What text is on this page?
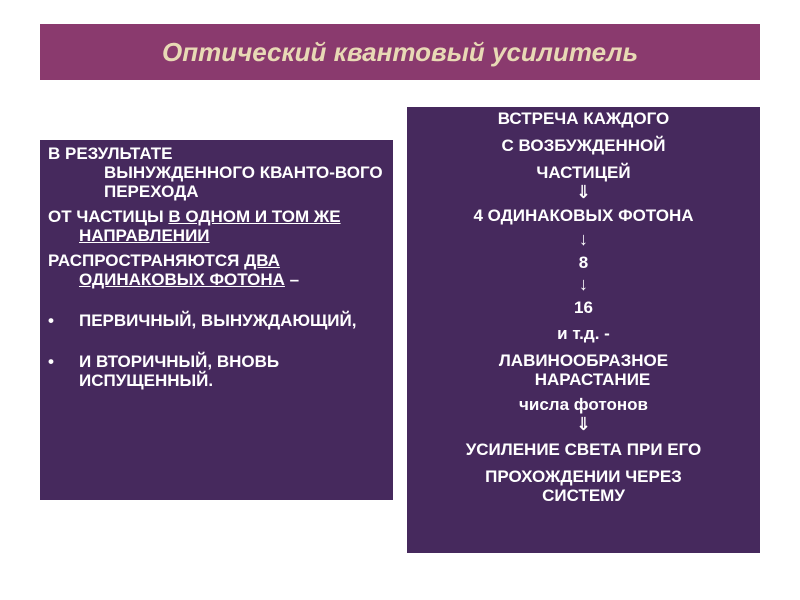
Оптический квантовый усилитель

В РЕЗУЛЬТАТЕ

ВЫНУЖДЕННОГО КВАНТО-ВОГО ПЕРЕХОДА

ОТ ЧАСТИЦЫ В ОДНОМ И ТОМ ЖЕ НАПРАВЛЕНИИ

РАСПРОСТРАНЯЮТСЯ ДВА ОДИНАКОВЫХ ФОТОНА –

•	ПЕРВИЧНЫЙ, ВЫНУЖДАЮЩИЙ,
•	И ВТОРИЧНЫЙ, ВНОВЬ ИСПУЩЕННЫЙ.

ВСТРЕЧА КАЖДОГО

С ВОЗБУЖДЕННОЙ

ЧАСТИЦЕЙ

⇓

4 ОДИНАКОВЫХ ФОТОНА

↓

8

↓

16

и т.д. -

ЛАВИНООБРАЗНОЕ

НАРАСТАНИЕ

числа фотонов

⇓

УСИЛЕНИЕ СВЕТА ПРИ ЕГО

ПРОХОЖДЕНИИ ЧЕРЕЗ

СИСТЕМУ
